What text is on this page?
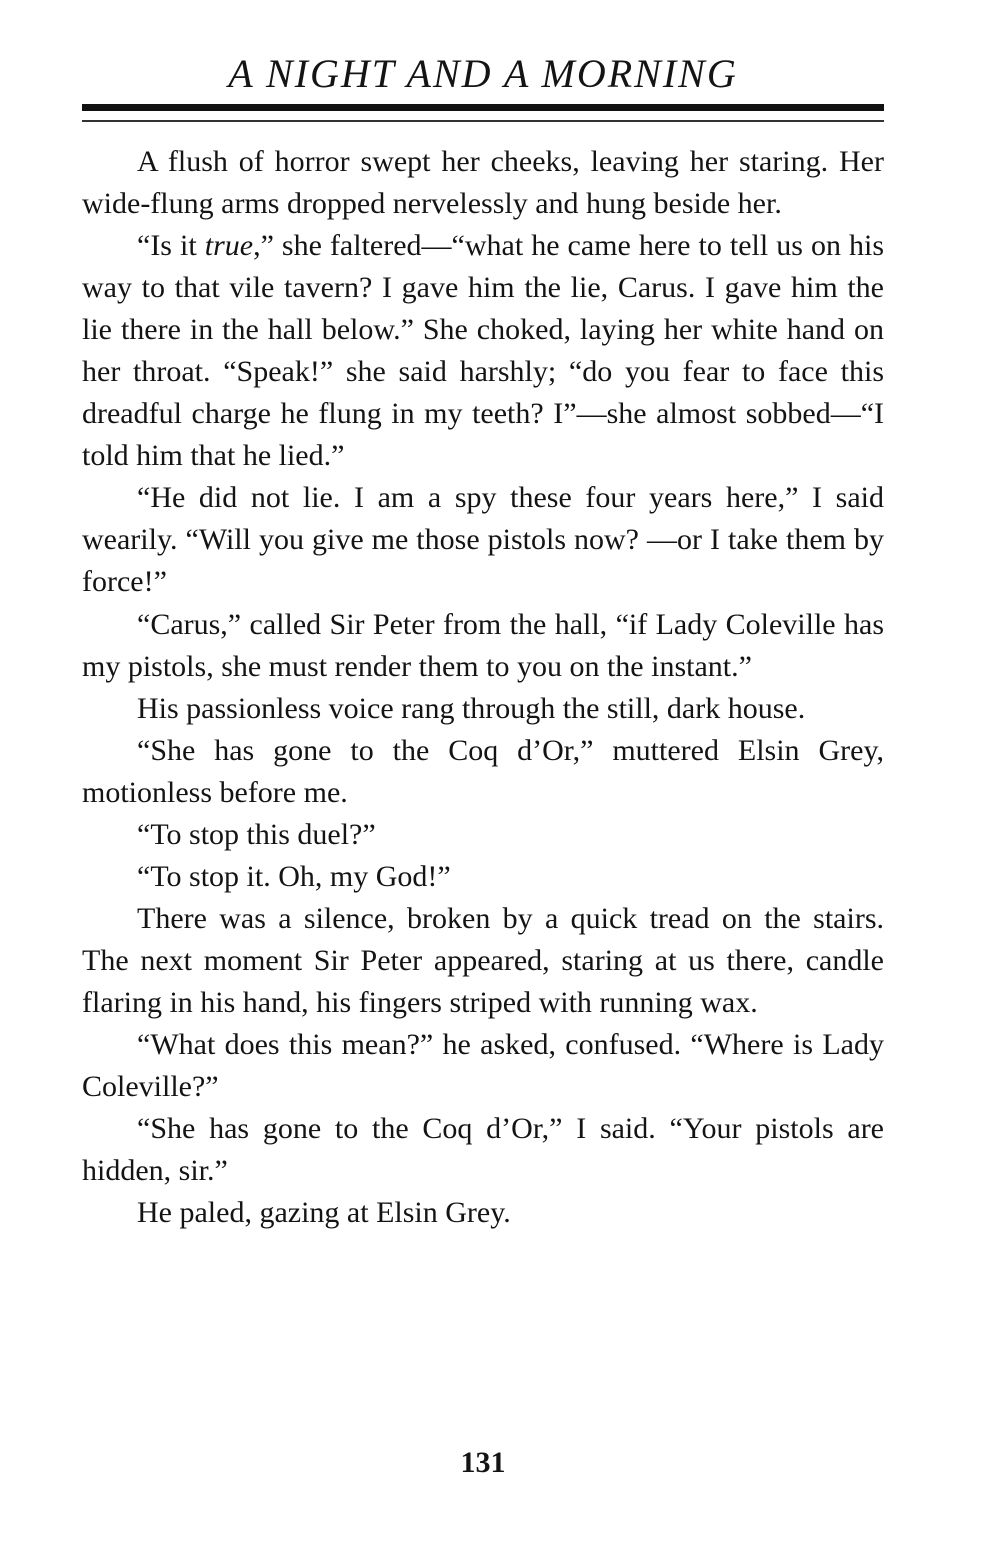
A NIGHT AND A MORNING

A flush of horror swept her cheeks, leaving her staring. Her wide-flung arms dropped nervelessly and hung beside her.

“Is it true,” she faltered—“what he came here to tell us on his way to that vile tavern? I gave him the lie, Carus. I gave him the lie there in the hall below.” She choked, laying her white hand on her throat. “Speak!” she said harshly; “do you fear to face this dreadful charge he flung in my teeth? I”—she almost sobbed—“I told him that he lied.”

“He did not lie. I am a spy these four years here,” I said wearily. “Will you give me those pistols now? —or I take them by force!”

“Carus,” called Sir Peter from the hall, “if Lady Coleville has my pistols, she must render them to you on the instant.”

His passionless voice rang through the still, dark house.

“She has gone to the Coq d’Or,” muttered Elsin Grey, motionless before me.

“To stop this duel?”

“To stop it. Oh, my God!”

There was a silence, broken by a quick tread on the stairs. The next moment Sir Peter appeared, staring at us there, candle flaring in his hand, his fingers striped with running wax.

“What does this mean?” he asked, confused. “Where is Lady Coleville?”

“She has gone to the Coq d’Or,” I said. “Your pistols are hidden, sir.”

He paled, gazing at Elsin Grey.

131
